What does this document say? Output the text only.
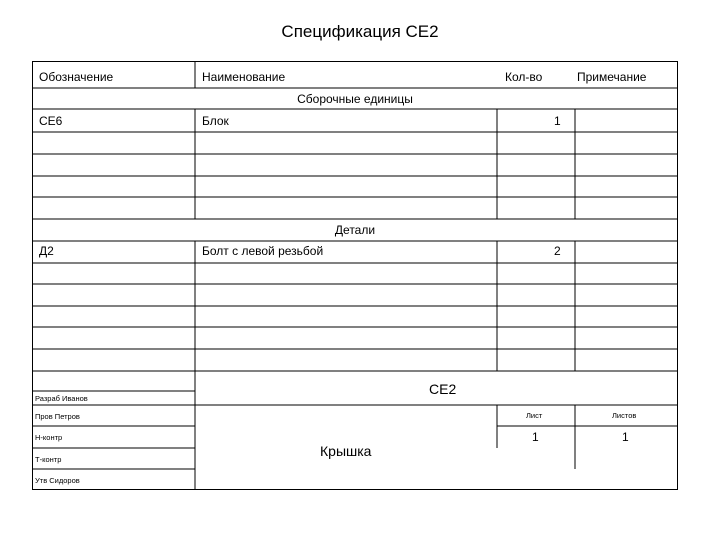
Спецификация СЕ2
Обозначение	Наименование	Кол-во	Примечание
Сборочные единицы
СЕ6	Блок	1
Детали
Д2	Болт с левой резьбой	2
СЕ2
Крышка
Лист	Листов
1	1
Разраб Иванов
Пров Петров
Н-контр
Т-контр
Утв Сидоров
